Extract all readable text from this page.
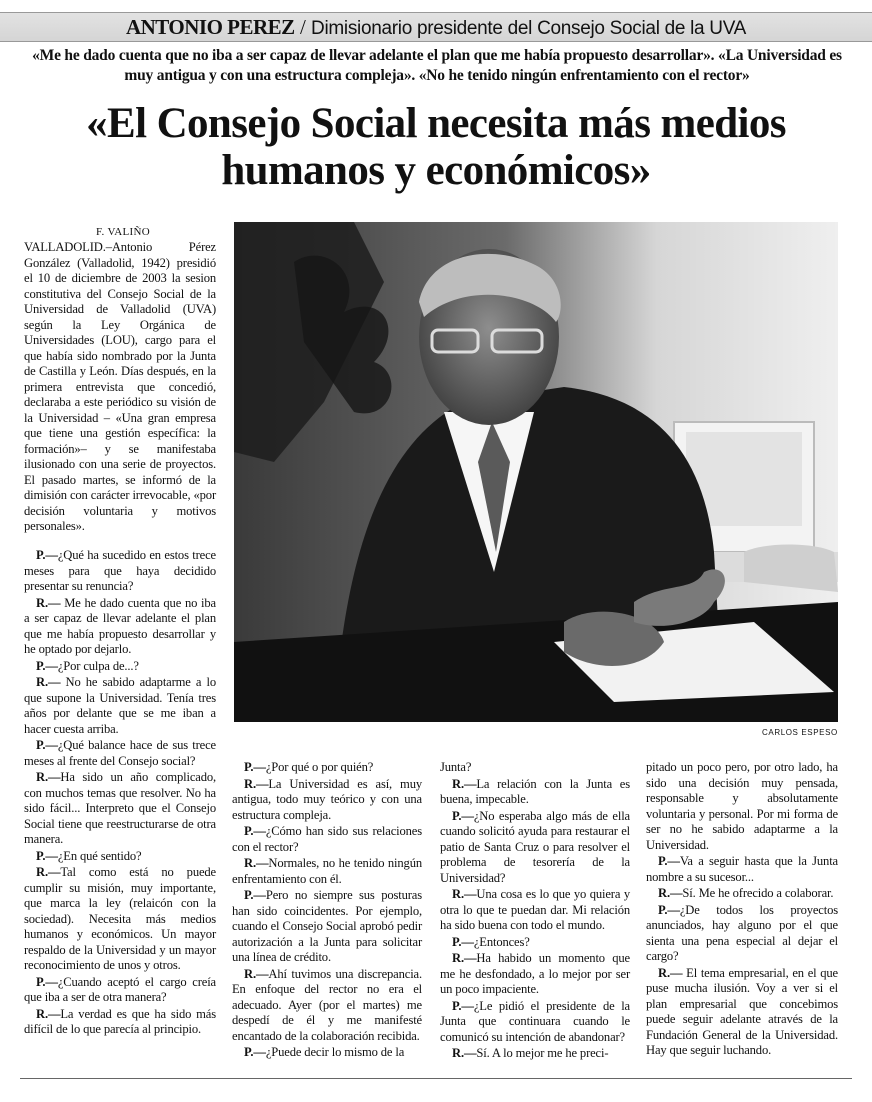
ANTONIO PEREZ / Dimisionario presidente del Consejo Social de la UVA
«Me he dado cuenta que no iba a ser capaz de llevar adelante el plan que me había propuesto desarrollar». «La Universidad es muy antigua y con una estructura compleja». «No he tenido ningún enfrentamiento con el rector»
«El Consejo Social necesita más medios humanos y económicos»
F. VALIÑO
CARLOS ESPESO

VALLADOLID.–Antonio Pérez González (Valladolid, 1942) presidió el 10 de diciembre de 2003 la sesion constitutiva del Consejo Social de la Universidad de Valladolid (UVA) según la Ley Orgánica de Universidades (LOU), cargo para el que había sido nombrado por la Junta de Castilla y León. Días después, en la primera entrevista que concedió, declaraba a este periódico su visión de la Universidad – «Una gran empresa que tiene una gestión específica: la formación»– y se manifestaba ilusionado con una serie de proyectos. El pasado martes, se informó de la dimisión con carácter irrevocable, «por decisión voluntaria y motivos personales».

P.—¿Qué ha sucedido en estos trece meses para que haya decidido presentar su renuncia?

R.— Me he dado cuenta que no iba a ser capaz de llevar adelante el plan que me había propuesto desarrollar y he optado por dejarlo.

P.—¿Por culpa de...?

R.— No he sabido adaptarme a lo que supone la Universidad. Tenía tres años por delante que se me iban a hacer cuesta arriba.

P.—¿Qué balance hace de sus trece meses al frente del Consejo social?

R.—Ha sido un año complicado, con muchos temas que resolver. No ha sido fácil... Interpreto que el Consejo Social tiene que reestructurarse de otra manera.

P.—¿En qué sentido?

R.—Tal como está no puede cumplir su misión, muy importante, que marca la ley (relaicón con la sociedad). Necesita más medios humanos y económicos. Un mayor respaldo de la Universidad y un mayor reconocimiento de unos y otros.

P.—¿Cuando aceptó el cargo creía que iba a ser de otra manera?

R.—La verdad es que ha sido más difícil de lo que parecía al principio.

P.—¿Por qué o por quién?

R.—La Universidad es así, muy antigua, todo muy teórico y con una estructura compleja.

P.—¿Cómo han sido sus relaciones con el rector?

R.—Normales, no he tenido ningún enfrentamiento con él.

P.—Pero no siempre sus posturas han sido coincidentes. Por ejemplo, cuando el Consejo Social aprobó pedir autorización a la Junta para solicitar una línea de crédito.

R.—Ahí tuvimos una discrepancia. En enfoque del rector no era el adecuado. Ayer (por el martes) me despedí de él y me manifesté encantado de la colaboración recibida.

P.—¿Puede decir lo mismo de la

Junta?

R.—La relación con la Junta es buena, impecable.

P.—¿No esperaba algo más de ella cuando solicitó ayuda para restaurar el patio de Santa Cruz o para resolver el problema de tesorería de la Universidad?

R.—Una cosa es lo que yo quiera y otra lo que te puedan dar. Mi relación ha sido buena con todo el mundo.

P.—¿Entonces?

R.—Ha habido un momento que me he desfondado, a lo mejor por ser un poco impaciente.

P.—¿Le pidió el presidente de la Junta que continuara cuando le comunicó su intención de abandonar?

R.—Sí. A lo mejor me he preci-

pitado un poco pero, por otro lado, ha sido una decisión muy pensada, responsable y absolutamente voluntaria y personal. Por mi forma de ser no he sabido adaptarme a la Universidad.

P.—Va a seguir hasta que la Junta nombre a su sucesor...

R.—Sí. Me he ofrecido a colaborar.

P.—¿De todos los proyectos anunciados, hay alguno por el que sienta una pena especial al dejar el cargo?

R.— El tema empresarial, en el que puse mucha ilusión. Voy a ver si el plan empresarial que concebimos puede seguir adelante através de la Fundación General de la Universidad. Hay que seguir luchando.
